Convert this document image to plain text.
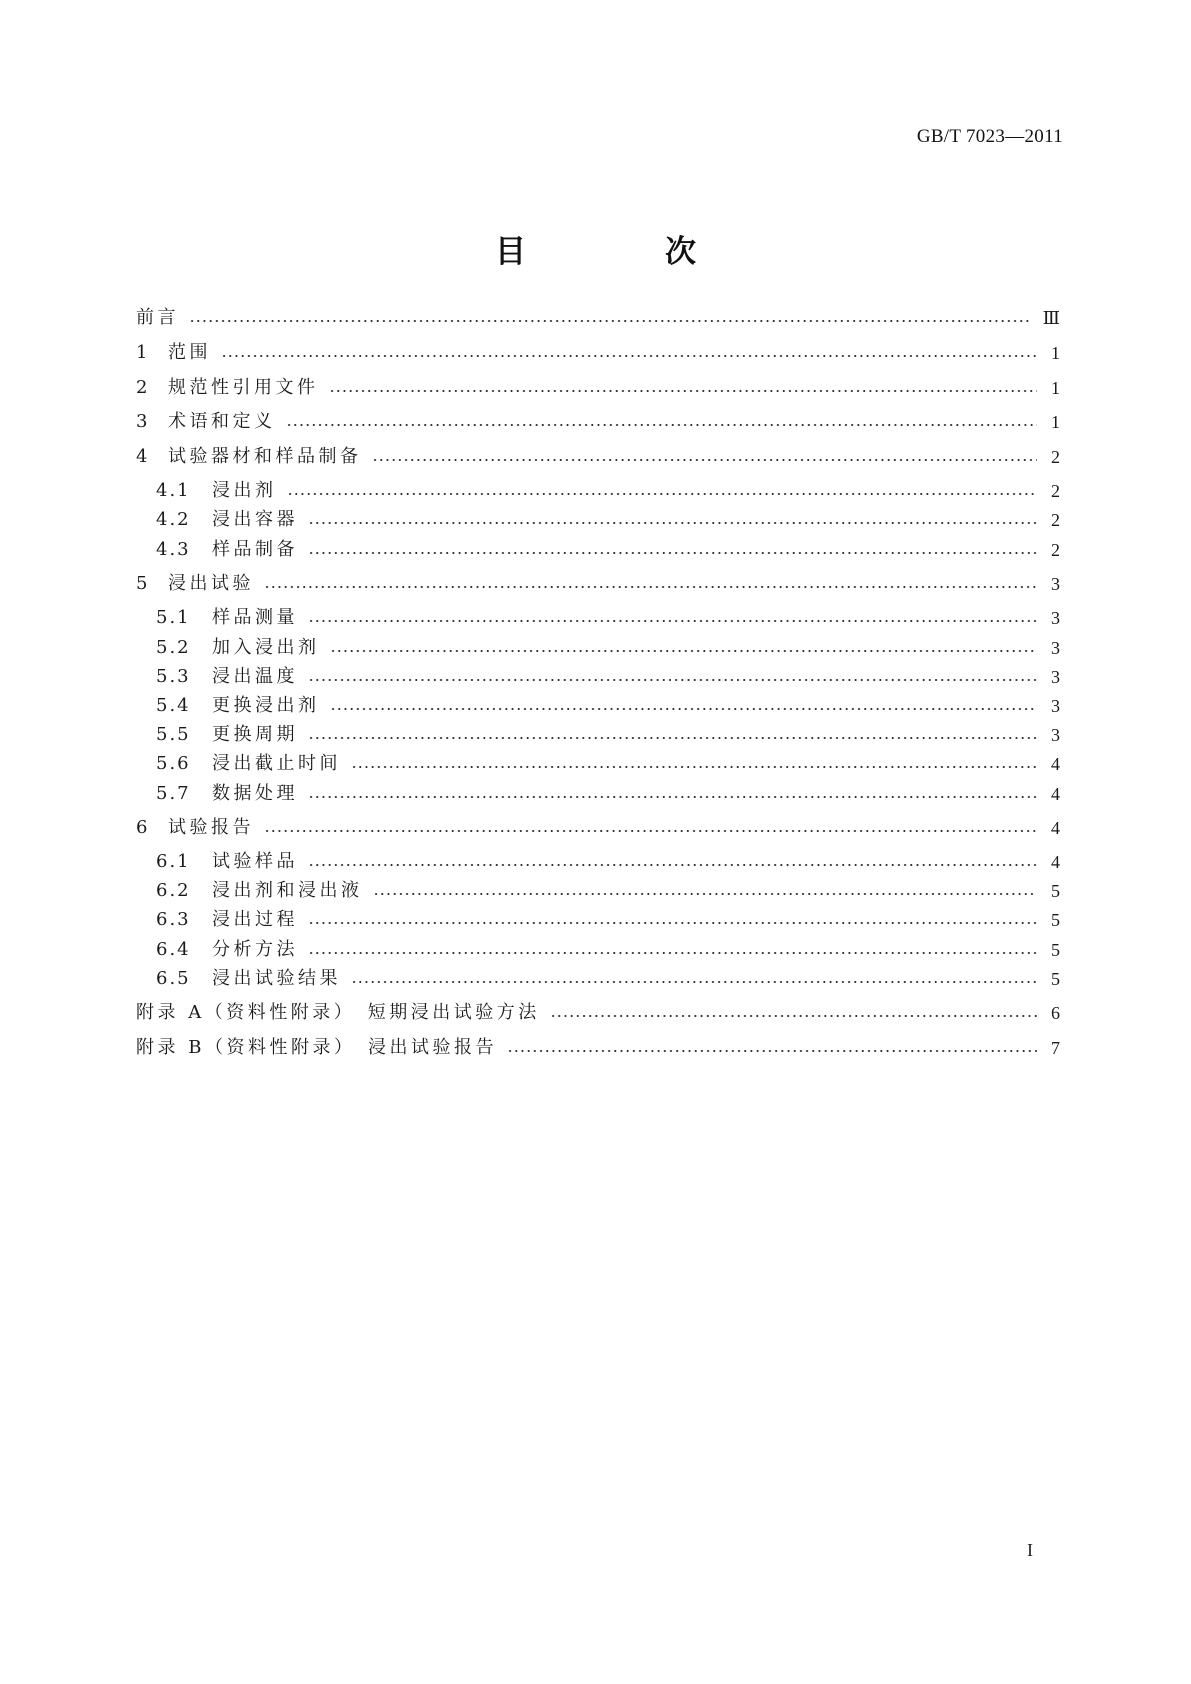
GB/T 7023—2011
目　次
前言	Ⅲ
1	范围	1
2	规范性引用文件	1
3	术语和定义	1
4	试验器材和样品制备	2
4.1	浸出剂	2
4.2	浸出容器	2
4.3	样品制备	2
5	浸出试验	3
5.1	样品测量	3
5.2	加入浸出剂	3
5.3	浸出温度	3
5.4	更换浸出剂	3
5.5	更换周期	3
5.6	浸出截止时间	4
5.7	数据处理	4
6	试验报告	4
6.1	试验样品	4
6.2	浸出剂和浸出液	5
6.3	浸出过程	5
6.4	分析方法	5
6.5	浸出试验结果	5
附录 A（资料性附录）　短期浸出试验方法	6
附录 B（资料性附录）　浸出试验报告	7
I
